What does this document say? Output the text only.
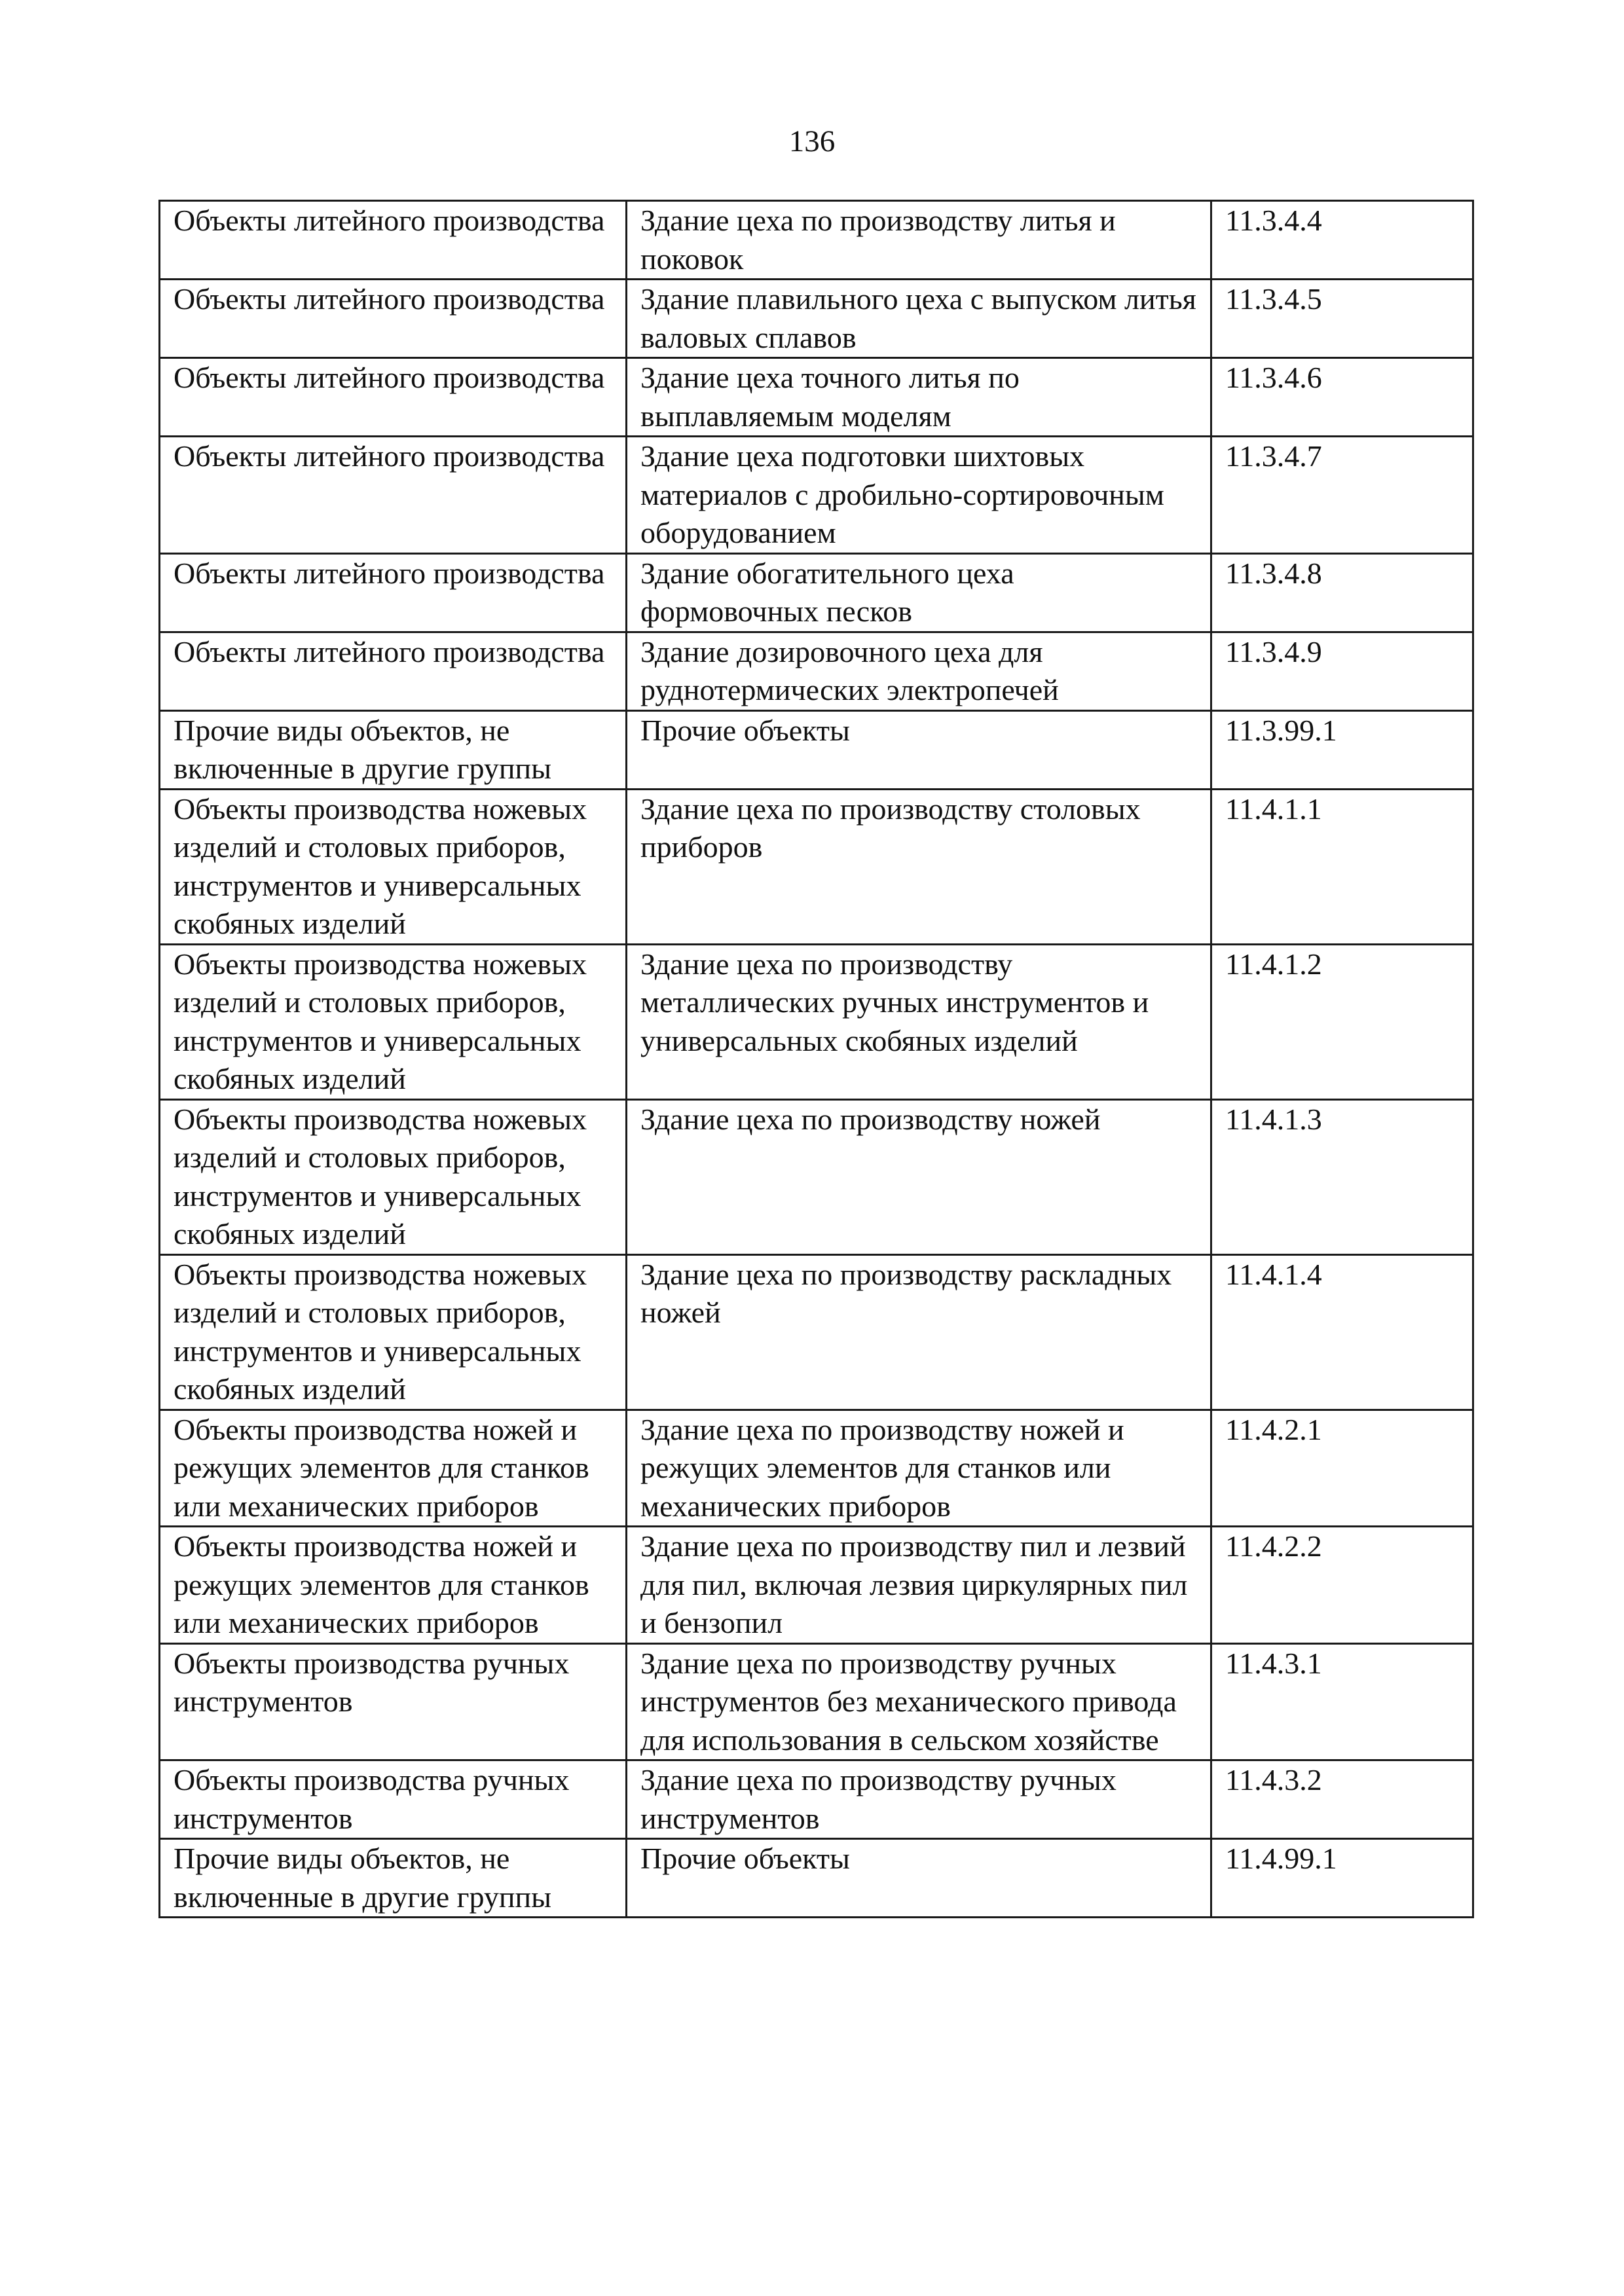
136
Объекты литейного производства	Здание цеха по производству литья и поковок	11.3.4.4
Объекты литейного производства	Здание плавильного цеха с выпуском литья валовых сплавов	11.3.4.5
Объекты литейного производства	Здание цеха точного литья по выплавляемым моделям	11.3.4.6
Объекты литейного производства	Здание цеха подготовки шихтовых материалов с дробильно-сортировочным оборудованием	11.3.4.7
Объекты литейного производства	Здание обогатительного цеха формовочных песков	11.3.4.8
Объекты литейного производства	Здание дозировочного цеха для руднотермических электропечей	11.3.4.9
Прочие виды объектов, не включенные в другие группы	Прочие объекты	11.3.99.1
Объекты производства ножевых изделий и столовых приборов, инструментов и универсальных скобяных изделий	Здание цеха по производству столовых приборов	11.4.1.1
Объекты производства ножевых изделий и столовых приборов, инструментов и универсальных скобяных изделий	Здание цеха по производству металлических ручных инструментов и универсальных скобяных изделий	11.4.1.2
Объекты производства ножевых изделий и столовых приборов, инструментов и универсальных скобяных изделий	Здание цеха по производству ножей	11.4.1.3
Объекты производства ножевых изделий и столовых приборов, инструментов и универсальных скобяных изделий	Здание цеха по производству раскладных ножей	11.4.1.4
Объекты производства ножей и режущих элементов для станков или механических приборов	Здание цеха по производству ножей и режущих элементов для станков или механических приборов	11.4.2.1
Объекты производства ножей и режущих элементов для станков или механических приборов	Здание цеха по производству пил и лезвий для пил, включая лезвия циркулярных пил и бензопил	11.4.2.2
Объекты производства ручных инструментов	Здание цеха по производству ручных инструментов без механического привода для использования в сельском хозяйстве	11.4.3.1
Объекты производства ручных инструментов	Здание цеха по производству ручных инструментов	11.4.3.2
Прочие виды объектов, не включенные в другие группы	Прочие объекты	11.4.99.1
